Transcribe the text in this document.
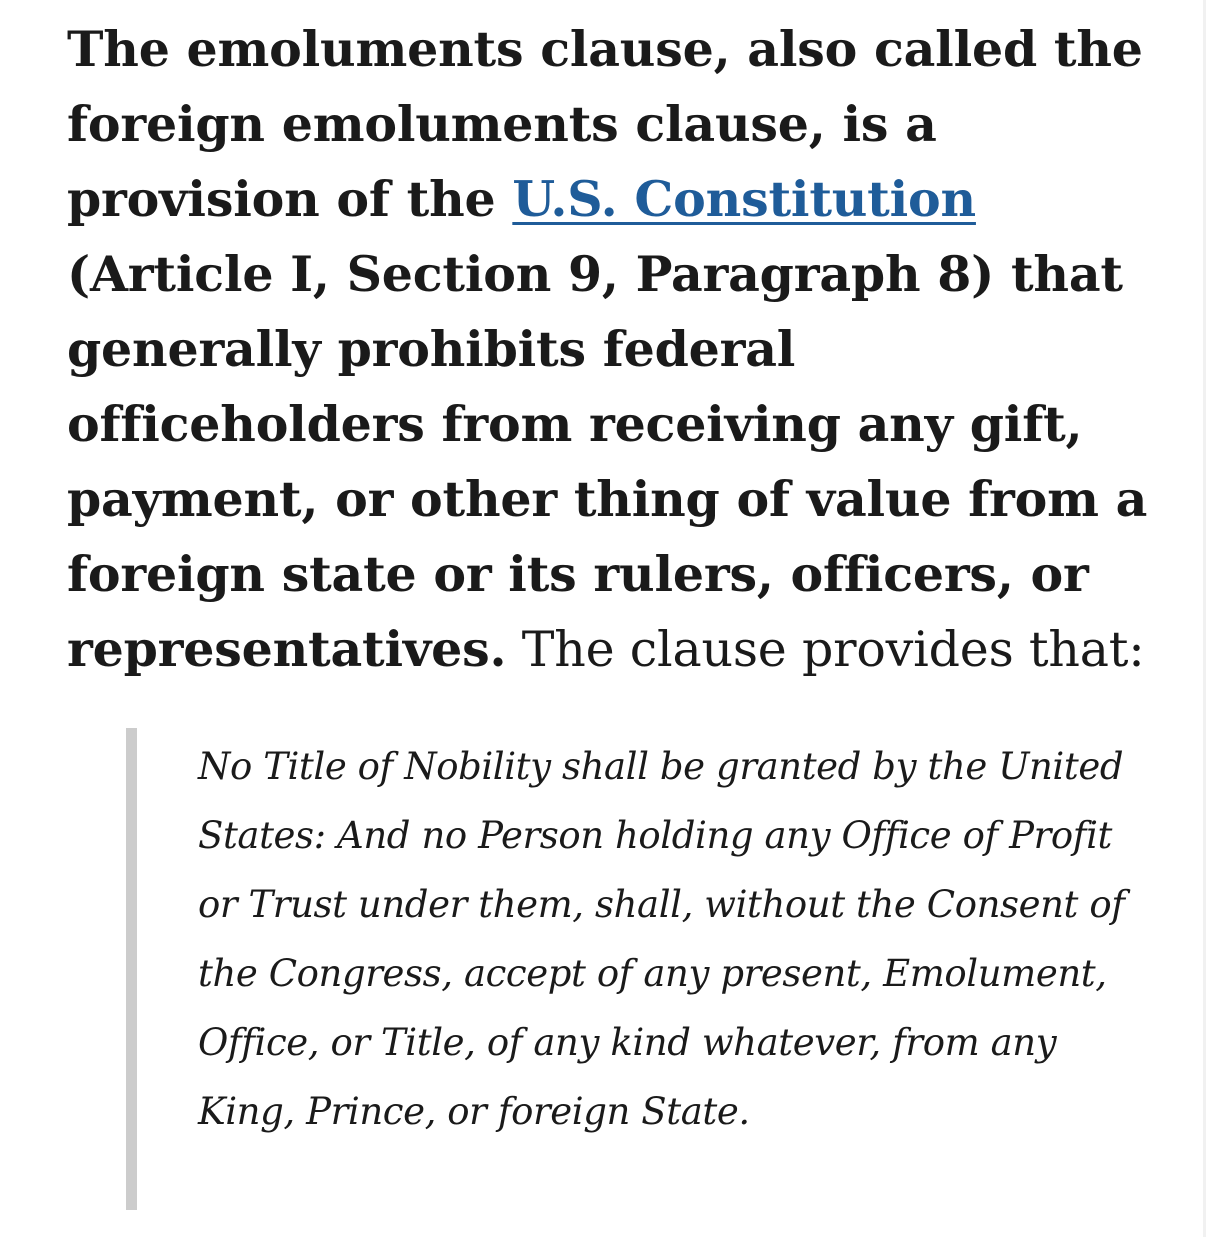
The emoluments clause, also called the foreign emoluments clause, is a provision of the U.S. Constitution (Article I, Section 9, Paragraph 8) that generally prohibits federal officeholders from receiving any gift, payment, or other thing of value from a foreign state or its rulers, officers, or representatives. The clause provides that:

No Title of Nobility shall be granted by the United States: And no Person holding any Office of Profit or Trust under them, shall, without the Consent of the Congress, accept of any present, Emolument, Office, or Title, of any kind whatever, from any King, Prince, or foreign State.
